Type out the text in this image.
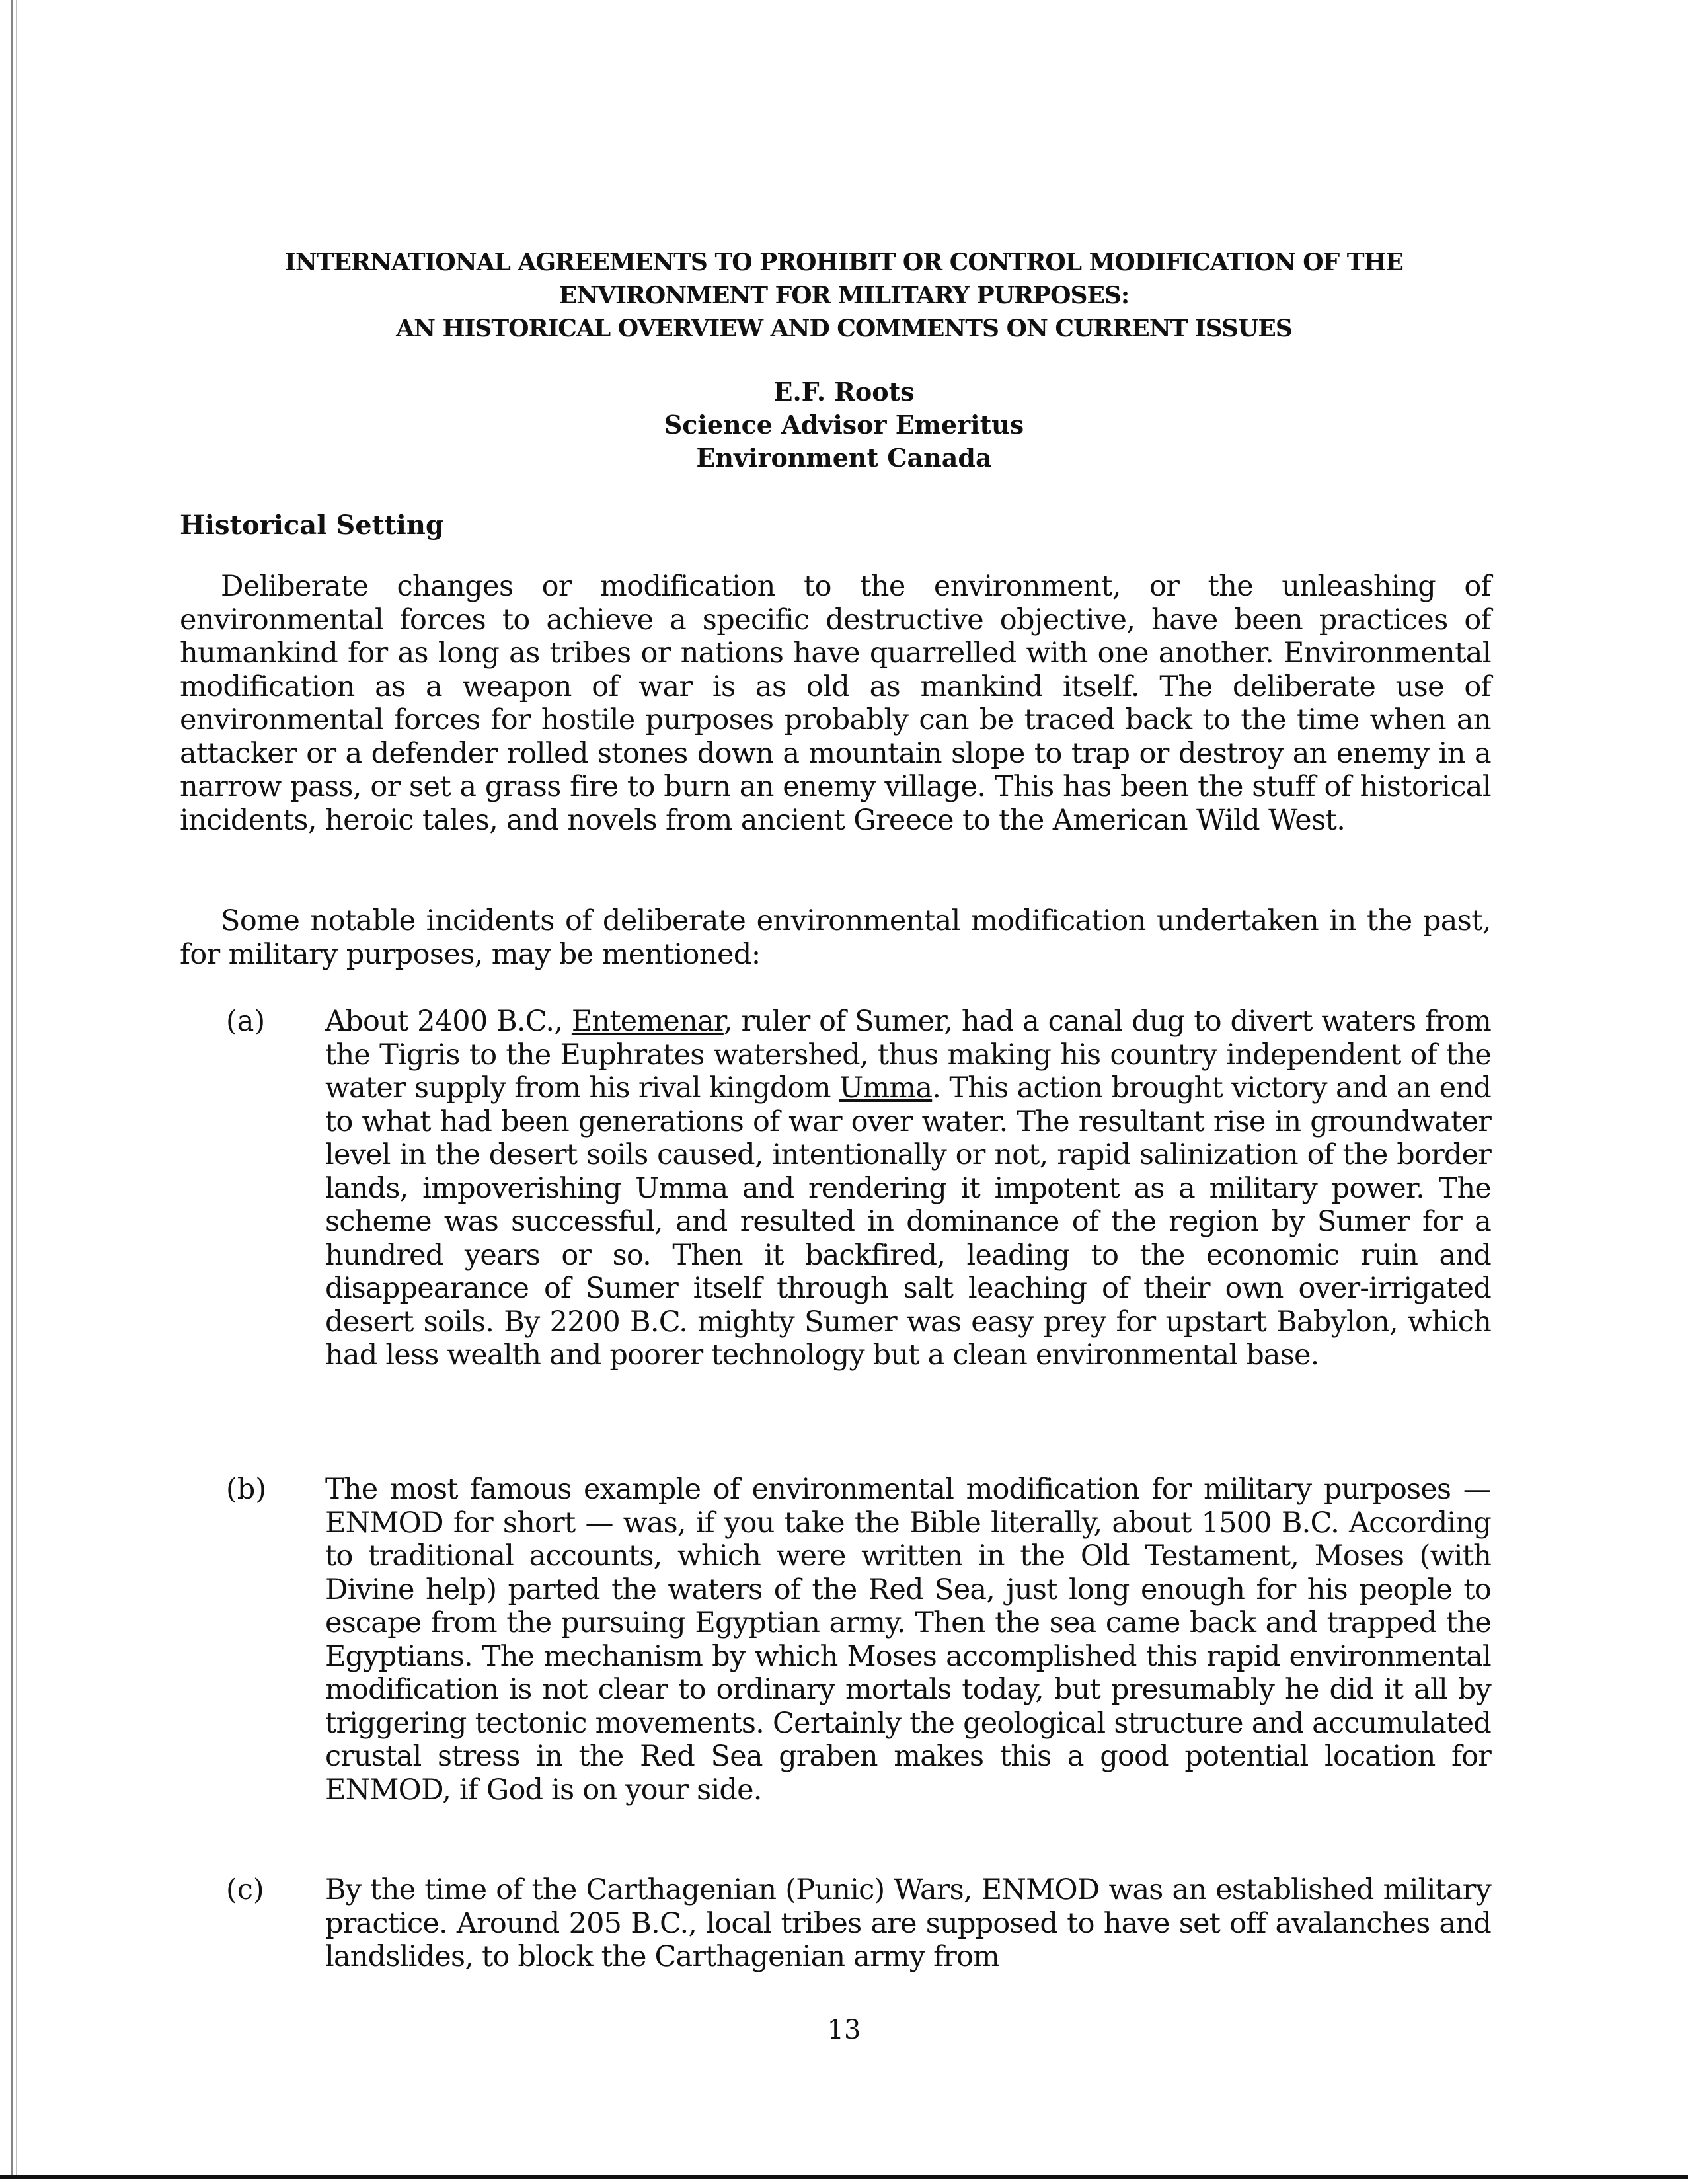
INTERNATIONAL AGREEMENTS TO PROHIBIT OR CONTROL MODIFICATION OF THE
ENVIRONMENT FOR MILITARY PURPOSES:
AN HISTORICAL OVERVIEW AND COMMENTS ON CURRENT ISSUES
E.F. Roots
Science Advisor Emeritus
Environment Canada
Historical Setting
Deliberate changes or modification to the environment, or the unleashing of environmental forces to achieve a specific destructive objective, have been practices of humankind for as long as tribes or nations have quarrelled with one another. Environmental modification as a weapon of war is as old as mankind itself. The deliberate use of environmental forces for hostile purposes probably can be traced back to the time when an attacker or a defender rolled stones down a mountain slope to trap or destroy an enemy in a narrow pass, or set a grass fire to burn an enemy village. This has been the stuff of historical incidents, heroic tales, and novels from ancient Greece to the American Wild West.
Some notable incidents of deliberate environmental modification undertaken in the past, for military purposes, may be mentioned:
(a) About 2400 B.C., Entemenar, ruler of Sumer, had a canal dug to divert waters from the Tigris to the Euphrates watershed, thus making his country independent of the water supply from his rival kingdom Umma. This action brought victory and an end to what had been generations of war over water. The resultant rise in groundwater level in the desert soils caused, intentionally or not, rapid salinization of the border lands, impoverishing Umma and rendering it impotent as a military power. The scheme was successful, and resulted in dominance of the region by Sumer for a hundred years or so. Then it backfired, leading to the economic ruin and disappearance of Sumer itself through salt leaching of their own over-irrigated desert soils. By 2200 B.C. mighty Sumer was easy prey for upstart Babylon, which had less wealth and poorer technology but a clean environmental base.
(b) The most famous example of environmental modification for military purposes — ENMOD for short — was, if you take the Bible literally, about 1500 B.C. According to traditional accounts, which were written in the Old Testament, Moses (with Divine help) parted the waters of the Red Sea, just long enough for his people to escape from the pursuing Egyptian army. Then the sea came back and trapped the Egyptians. The mechanism by which Moses accomplished this rapid environmental modification is not clear to ordinary mortals today, but presumably he did it all by triggering tectonic movements. Certainly the geological structure and accumulated crustal stress in the Red Sea graben makes this a good potential location for ENMOD, if God is on your side.
(c) By the time of the Carthagenian (Punic) Wars, ENMOD was an established military practice. Around 205 B.C., local tribes are supposed to have set off avalanches and landslides, to block the Carthagenian army from
13
